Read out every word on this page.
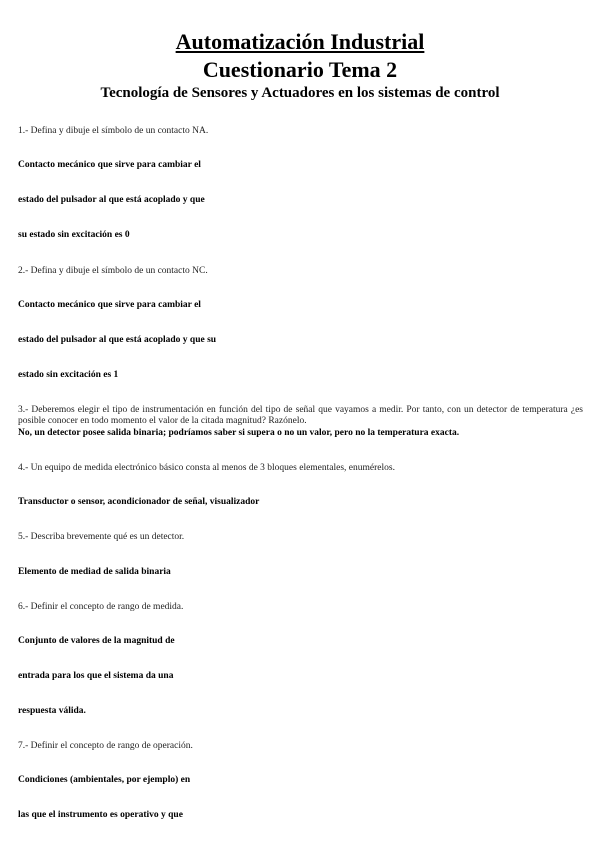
Automatización Industrial
Cuestionario Tema 2
Tecnología de Sensores y Actuadores en los sistemas de control
1.- Defina y dibuje el símbolo de un contacto NA.
Contacto mecánico que sirve para cambiar el
estado del pulsador al que está acoplado y que
su estado sin excitación es 0
2.- Defina y dibuje el símbolo de un contacto NC.
Contacto mecánico que sirve para cambiar el
estado del pulsador al que está acoplado y que su
estado sin excitación es 1
3.- Deberemos elegir el tipo de instrumentación en función del tipo de señal que vayamos a medir. Por tanto, con un detector de temperatura ¿es posible conocer en todo momento el valor de la citada magnitud? Razónelo.
No, un detector posee salida binaria; podríamos saber si supera o no un valor, pero no la temperatura exacta.
4.- Un equipo de medida electrónico básico consta al menos de 3 bloques elementales, enumérelos.
Transductor o sensor, acondicionador de señal, visualizador
5.- Describa brevemente qué es un detector.
Elemento de mediad de salida binaria
6.- Definir el concepto de rango de medida.
Conjunto de valores de la magnitud de
entrada para los que el sistema da una
respuesta válida.
7.- Definir el concepto de rango de operación.
Condiciones (ambientales, por ejemplo) en
las que el instrumento es operativo y que
